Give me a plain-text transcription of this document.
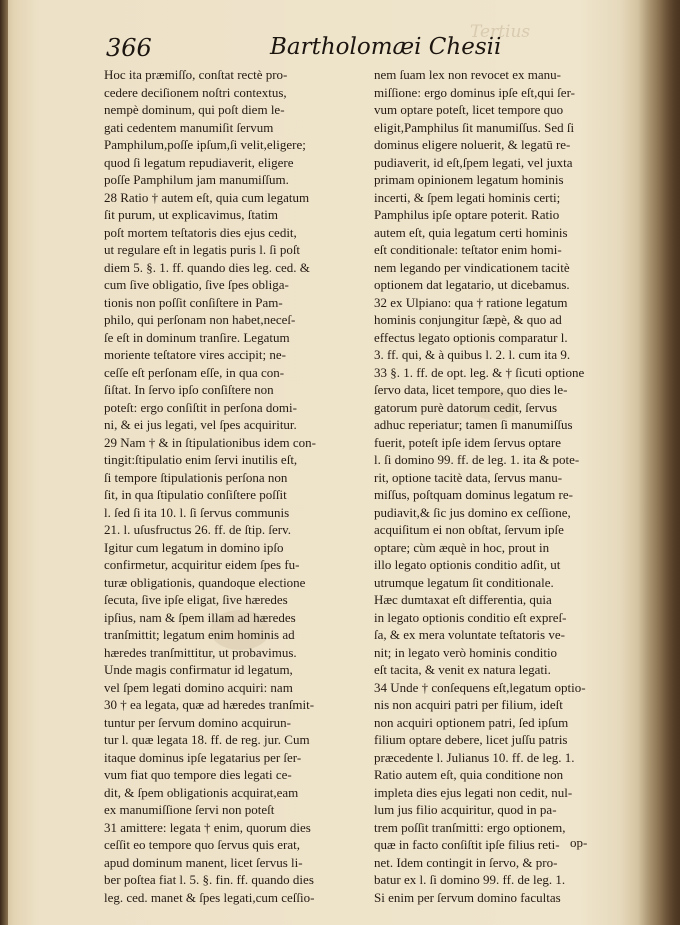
Tertius
366	Bartholomæi Chesii
Hoc ita præmiſſo, conſtat rectè pro-
cedere deciſionem noſtri contextus,
nempè dominum, qui poſt diem le-
gati cedentem manumiſit ſervum
Pamphilum,poſſe ipſum,ſi velit,eligere;
quod ſi legatum repudiaverit, eligere
poſſe Pamphilum jam manumiſſum.
28 Ratio † autem eſt, quia cum legatum
ſit purum, ut explicavimus, ſtatim
poſt mortem teſtatoris dies ejus cedit,
ut regulare eſt in legatis puris l. ſi poſt
diem 5. §. 1. ff. quando dies leg. ced. &
cum ſive obligatio, ſive ſpes obliga-
tionis non poſſit conſiſtere in Pam-
philo, qui perſonam non habet,neceſ-
ſe eſt in dominum tranſire. Legatum
moriente teſtatore vires accipit; ne-
ceſſe eſt perſonam eſſe, in qua con-
ſiſtat. In ſervo ipſo conſiſtere non
poteſt: ergo conſiſtit in perſona domi-
ni, & ei jus legati, vel ſpes acquiritur.
29 Nam † & in ſtipulationibus idem con-
tingit:ſtipulatio enim ſervi inutilis eſt,
ſi tempore ſtipulationis perſona non
ſit, in qua ſtipulatio conſiſtere poſſit
l. ſed ſi ita 10. l. ſi ſervus communis
21. l. uſusfructus 26. ff. de ſtip. ſerv.
Igitur cum legatum in domino ipſo
confirmetur, acquiritur eidem ſpes fu-
turæ obligationis, quandoque electione
ſecuta, ſive ipſe eligat, ſive hæredes
ipſius, nam & ſpem illam ad hæredes
tranſmittit; legatum enim hominis ad
hæredes tranſmittitur, ut probavimus.
Unde magis confirmatur id legatum,
vel ſpem legati domino acquiri: nam
30 † ea legata, quæ ad hæredes tranſmit-
tuntur per ſervum domino acquirun-
tur l. quæ legata 18. ff. de reg. jur. Cum
itaque dominus ipſe legatarius per ſer-
vum fiat quo tempore dies legati ce-
dit, & ſpem obligationis acquirat,eam
ex manumiſſione ſervi non poteſt
31 amittere: legata † enim, quorum dies
ceſſit eo tempore quo ſervus quis erat,
apud dominum manent, licet ſervus li-
ber poſtea fiat l. 5. §. fin. ff. quando dies
leg. ced. manet & ſpes legati,cum ceſſio-
nem ſuam lex non revocet ex manu-
miſſione: ergo dominus ipſe eſt,qui ſer-
vum optare poteſt, licet tempore quo
eligit,Pamphilus ſit manumiſſus. Sed ſi
dominus eligere noluerit, & legatū re-
pudiaverit, id eſt,ſpem legati, vel juxta
primam opinionem legatum hominis
incerti, & ſpem legati hominis certi;
Pamphilus ipſe optare poterit. Ratio
autem eſt, quia legatum certi hominis
eſt conditionale: teſtator enim homi-
nem legando per vindicationem tacitè
optionem dat legatario, ut dicebamus.
32 ex Ulpiano: qua † ratione legatum
hominis conjungitur ſæpè, & quo ad
effectus legato optionis comparatur l.
3. ff. qui, & à quibus l. 2. l. cum ita 9.
33 §. 1. ff. de opt. leg. & † ſicuti optione
ſervo data, licet tempore, quo dies le-
gatorum purè datorum cedit, ſervus
adhuc reperiatur; tamen ſi manumiſſus
fuerit, poteſt ipſe idem ſervus optare
l. ſi domino 99. ff. de leg. 1. ita & pote-
rit, optione tacitè data, ſervus manu-
miſſus, poſtquam dominus legatum re-
pudiavit,& ſic jus domino ex ceſſione,
acquiſitum ei non obſtat, ſervum ipſe
optare; cùm æquè in hoc, prout in
illo legato optionis conditio adſit, ut
utrumque legatum ſit conditionale.
Hæc dumtaxat eſt differentia, quia
in legato optionis conditio eſt expreſ-
ſa, & ex mera voluntate teſtatoris ve-
nit; in legato verò hominis conditio
eſt tacita, & venit ex natura legati.
34 Unde † conſequens eſt,legatum optio-
nis non acquiri patri per filium, ideſt
non acquiri optionem patri, ſed ipſum
filium optare debere, licet juſſu patris
præcedente l. Julianus 10. ff. de leg. 1.
Ratio autem eſt, quia conditione non
impleta dies ejus legati non cedit, nul-
lum jus filio acquiritur, quod in pa-
trem poſſit tranſmitti: ergo optionem,
quæ in facto conſiſtit ipſe filius reti-
net. Idem contingit in ſervo, & pro-
batur ex l. ſi domino 99. ff. de leg. 1.
Si enim per ſervum domino facultas
op-
